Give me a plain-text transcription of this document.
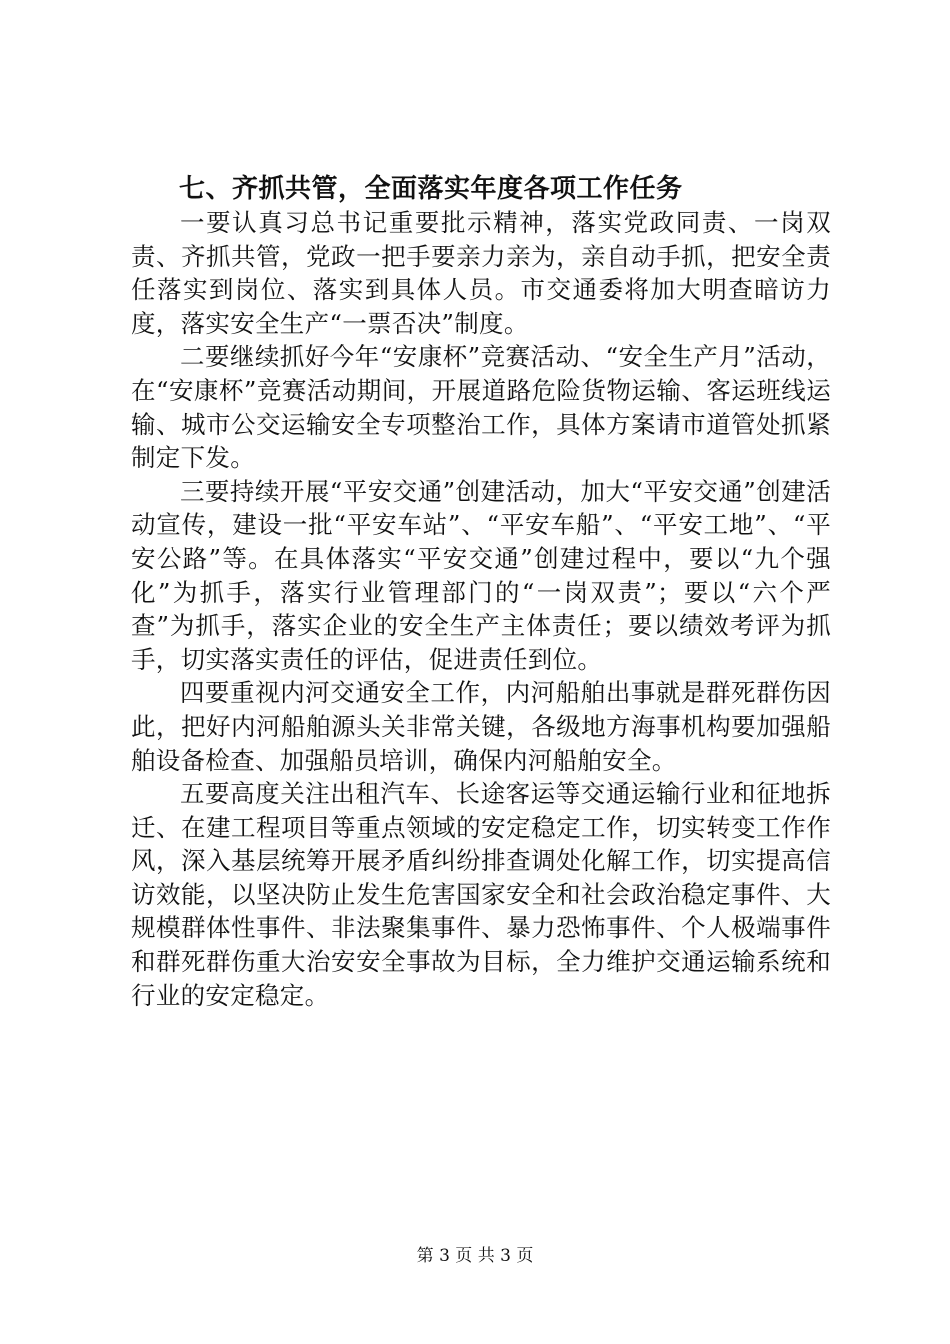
七、齐抓共管，全面落实年度各项工作任务

一要认真习总书记重要批示精神，落实党政同责、一岗双责、齐抓共管，党政一把手要亲力亲为，亲自动手抓，把安全责任落实到岗位、落实到具体人员。市交通委将加大明查暗访力度，落实安全生产“一票否决”制度。

二要继续抓好今年“安康杯”竞赛活动、“安全生产月”活动，在“安康杯”竞赛活动期间，开展道路危险货物运输、客运班线运输、城市公交运输安全专项整治工作，具体方案请市道管处抓紧制定下发。

三要持续开展“平安交通”创建活动，加大“平安交通”创建活动宣传，建设一批“平安车站”、“平安车船”、“平安工地”、“平安公路”等。在具体落实“平安交通”创建过程中，要以“九个强化”为抓手，落实行业管理部门的“一岗双责”；要以“六个严查”为抓手，落实企业的安全生产主体责任；要以绩效考评为抓手，切实落实责任的评估，促进责任到位。

四要重视内河交通安全工作，内河船舶出事就是群死群伤因此，把好内河船舶源头关非常关键，各级地方海事机构要加强船舶设备检查、加强船员培训，确保内河船舶安全。

五要高度关注出租汽车、长途客运等交通运输行业和征地拆迁、在建工程项目等重点领域的安定稳定工作，切实转变工作作风，深入基层统筹开展矛盾纠纷排查调处化解工作，切实提高信访效能，以坚决防止发生危害国家安全和社会政治稳定事件、大规模群体性事件、非法聚集事件、暴力恐怖事件、个人极端事件和群死群伤重大治安安全事故为目标，全力维护交通运输系统和行业的安定稳定。

第 3 页 共 3 页
